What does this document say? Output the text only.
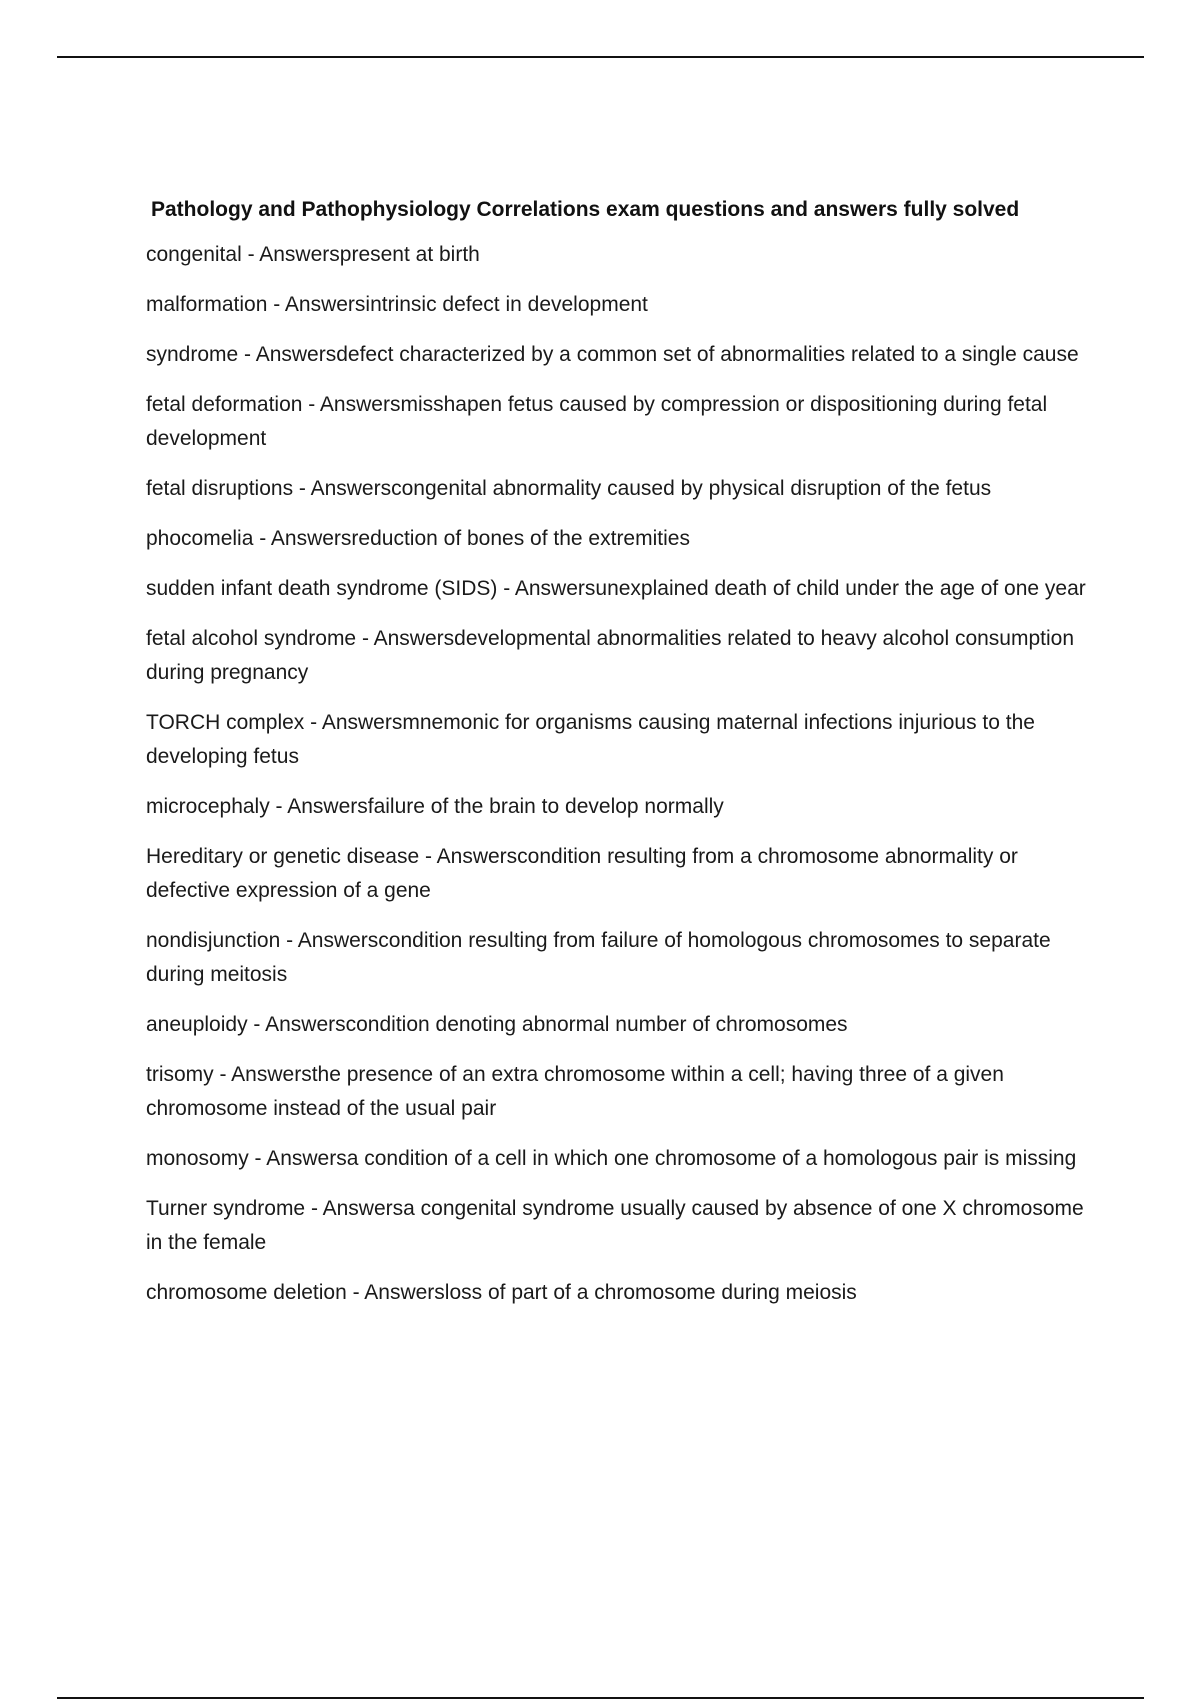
Pathology and Pathophysiology Correlations exam questions and answers fully solved
congenital - Answerspresent at birth
malformation - Answersintrinsic defect in development
syndrome - Answersdefect characterized by a common set of abnormalities related to a single cause
fetal deformation - Answersmisshapen fetus caused by compression or dispositioning during fetal development
fetal disruptions - Answerscongenital abnormality caused by physical disruption of the fetus
phocomelia - Answersreduction of bones of the extremities
sudden infant death syndrome (SIDS) - Answersunexplained death of child under the age of one year
fetal alcohol syndrome - Answersdevelopmental abnormalities related to heavy alcohol consumption during pregnancy
TORCH complex - Answersmnemonic for organisms causing maternal infections injurious to the developing fetus
microcephaly - Answersfailure of the brain to develop normally
Hereditary or genetic disease - Answerscondition resulting from a chromosome abnormality or defective expression of a gene
nondisjunction - Answerscondition resulting from failure of homologous chromosomes to separate during meitosis
aneuploidy - Answerscondition denoting abnormal number of chromosomes
trisomy - Answersthe presence of an extra chromosome within a cell; having three of a given chromosome instead of the usual pair
monosomy - Answersa condition of a cell in which one chromosome of a homologous pair is missing
Turner syndrome - Answersa congenital syndrome usually caused by absence of one X chromosome in the female
chromosome deletion - Answersloss of part of a chromosome during meiosis
